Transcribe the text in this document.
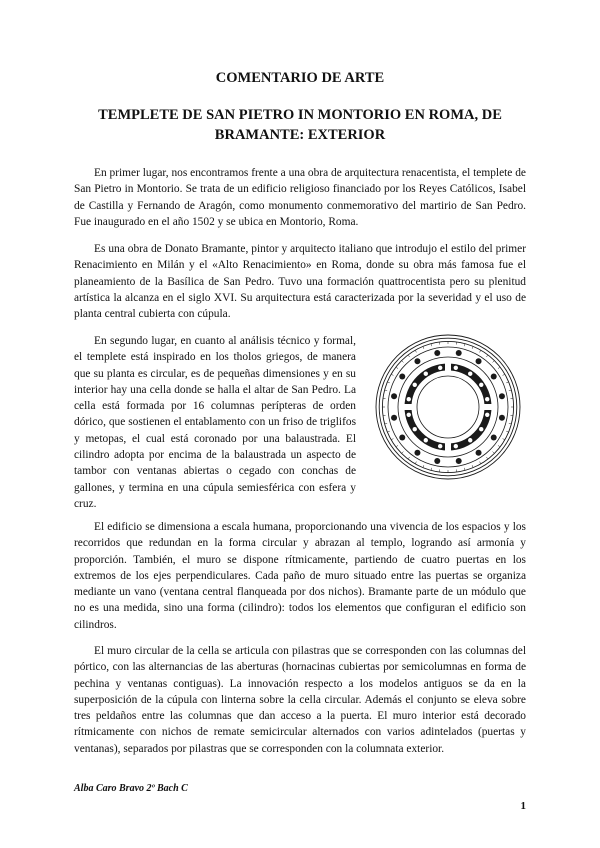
COMENTARIO DE ARTE
TEMPLETE DE SAN PIETRO IN MONTORIO EN ROMA, DE BRAMANTE: EXTERIOR

En primer lugar, nos encontramos frente a una obra de arquitectura renacentista, el templete de San Pietro in Montorio. Se trata de un edificio religioso financiado por los Reyes Católicos, Isabel de Castilla y Fernando de Aragón, como monumento conmemorativo del martirio de San Pedro. Fue inaugurado en el año 1502 y se ubica en Montorio, Roma.

Es una obra de Donato Bramante, pintor y arquitecto italiano que introdujo el estilo del primer Renacimiento en Milán y el «Alto Renacimiento» en Roma, donde su obra más famosa fue el planeamiento de la Basílica de San Pedro. Tuvo una formación quattrocentista pero su plenitud artística la alcanza en el siglo XVI. Su arquitectura está caracterizada por la severidad y el uso de planta central cubierta con cúpula.

En segundo lugar, en cuanto al análisis técnico y formal, el templete está inspirado en los tholos griegos, de manera que su planta es circular, es de pequeñas dimensiones y en su interior hay una cella donde se halla el altar de San Pedro. La cella está formada por 16 columnas perípteras de orden dórico, que sostienen el entablamento con un friso de triglifos y metopas, el cual está coronado por una balaustrada. El cilindro adopta por encima de la balaustrada un aspecto de tambor con ventanas abiertas o cegado con conchas de gallones, y termina en una cúpula semiesférica con esfera y cruz.

El edificio se dimensiona a escala humana, proporcionando una vivencia de los espacios y los recorridos que redundan en la forma circular y abrazan al templo, logrando así armonía y proporción. También, el muro se dispone rítmicamente, partiendo de cuatro puertas en los extremos de los ejes perpendiculares. Cada paño de muro situado entre las puertas se organiza mediante un vano (ventana central flanqueada por dos nichos). Bramante parte de un módulo que no es una medida, sino una forma (cilindro): todos los elementos que configuran el edificio son cilindros.

El muro circular de la cella se articula con pilastras que se corresponden con las columnas del pórtico, con las alternancias de las aberturas (hornacinas cubiertas por semicolumnas en forma de pechina y ventanas contiguas). La innovación respecto a los modelos antiguos se da en la superposición de la cúpula con linterna sobre la cella circular. Además el conjunto se eleva sobre tres peldaños entre las columnas que dan acceso a la puerta. El muro interior está decorado rítmicamente con nichos de remate semicircular alternados con varios adintelados (puertas y ventanas), separados por pilastras que se corresponden con la columnata exterior.

Alba Caro Bravo 2º Bach C
1
